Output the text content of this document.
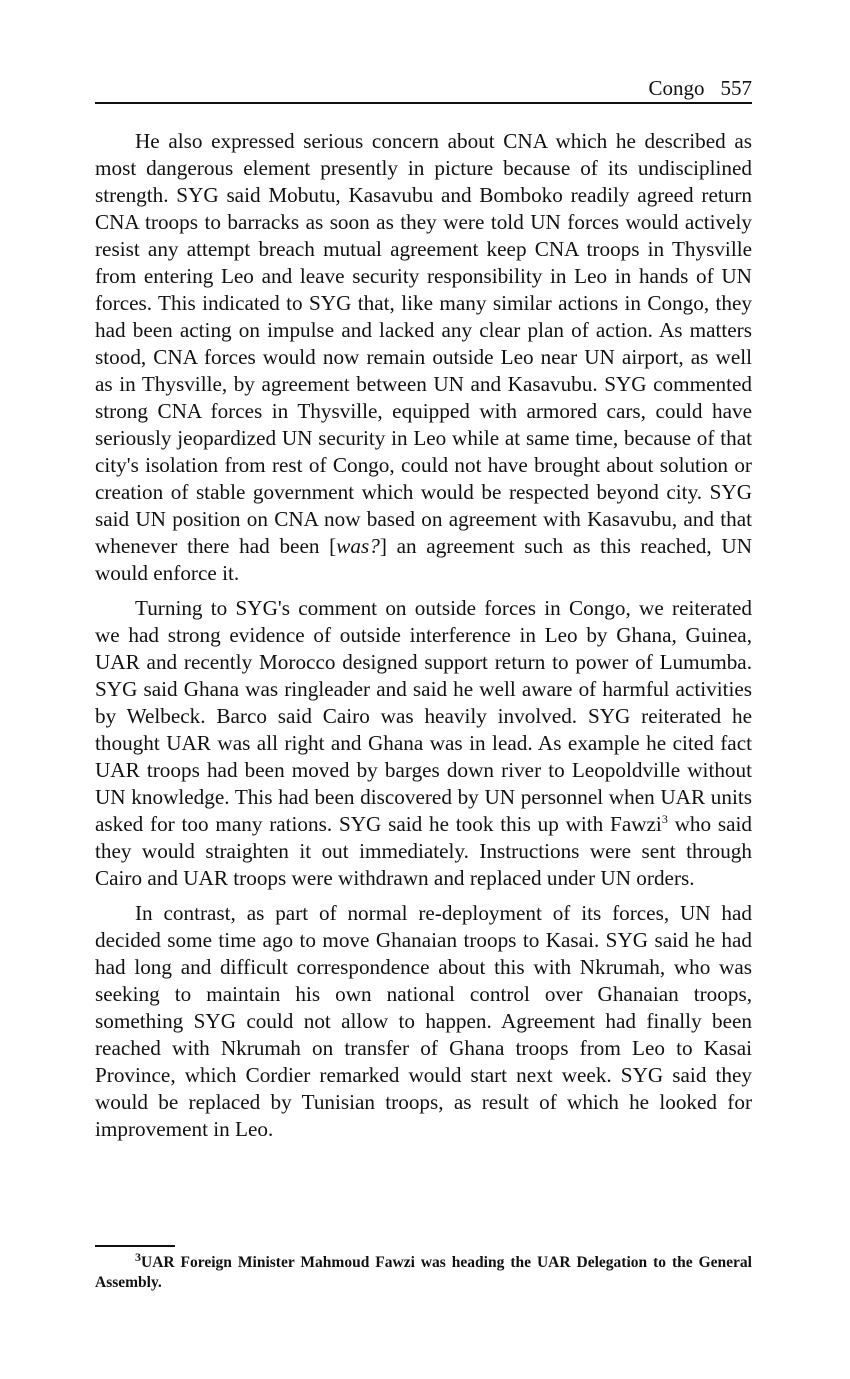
Congo 557

He also expressed serious concern about CNA which he described as most dangerous element presently in picture because of its undisciplined strength. SYG said Mobutu, Kasavubu and Bomboko readily agreed return CNA troops to barracks as soon as they were told UN forces would actively resist any attempt breach mutual agreement keep CNA troops in Thysville from entering Leo and leave security responsibility in Leo in hands of UN forces. This indicated to SYG that, like many similar actions in Congo, they had been acting on impulse and lacked any clear plan of action. As matters stood, CNA forces would now remain outside Leo near UN airport, as well as in Thysville, by agreement between UN and Kasavubu. SYG commented strong CNA forces in Thysville, equipped with armored cars, could have seriously jeopardized UN security in Leo while at same time, because of that city's isolation from rest of Congo, could not have brought about solution or creation of stable government which would be respected beyond city. SYG said UN position on CNA now based on agreement with Kasavubu, and that whenever there had been [was?] an agreement such as this reached, UN would enforce it.

Turning to SYG's comment on outside forces in Congo, we reiterated we had strong evidence of outside interference in Leo by Ghana, Guinea, UAR and recently Morocco designed support return to power of Lumumba. SYG said Ghana was ringleader and said he well aware of harmful activities by Welbeck. Barco said Cairo was heavily involved. SYG reiterated he thought UAR was all right and Ghana was in lead. As example he cited fact UAR troops had been moved by barges down river to Leopoldville without UN knowledge. This had been discovered by UN personnel when UAR units asked for too many rations. SYG said he took this up with Fawzi$^3$ who said they would straighten it out immediately. Instructions were sent through Cairo and UAR troops were withdrawn and replaced under UN orders.

In contrast, as part of normal re-deployment of its forces, UN had decided some time ago to move Ghanaian troops to Kasai. SYG said he had had long and difficult correspondence about this with Nkrumah, who was seeking to maintain his own national control over Ghanaian troops, something SYG could not allow to happen. Agreement had finally been reached with Nkrumah on transfer of Ghana troops from Leo to Kasai Province, which Cordier remarked would start next week. SYG said they would be replaced by Tunisian troops, as result of which he looked for improvement in Leo.

$^3$UAR Foreign Minister Mahmoud Fawzi was heading the UAR Delegation to the General Assembly.
